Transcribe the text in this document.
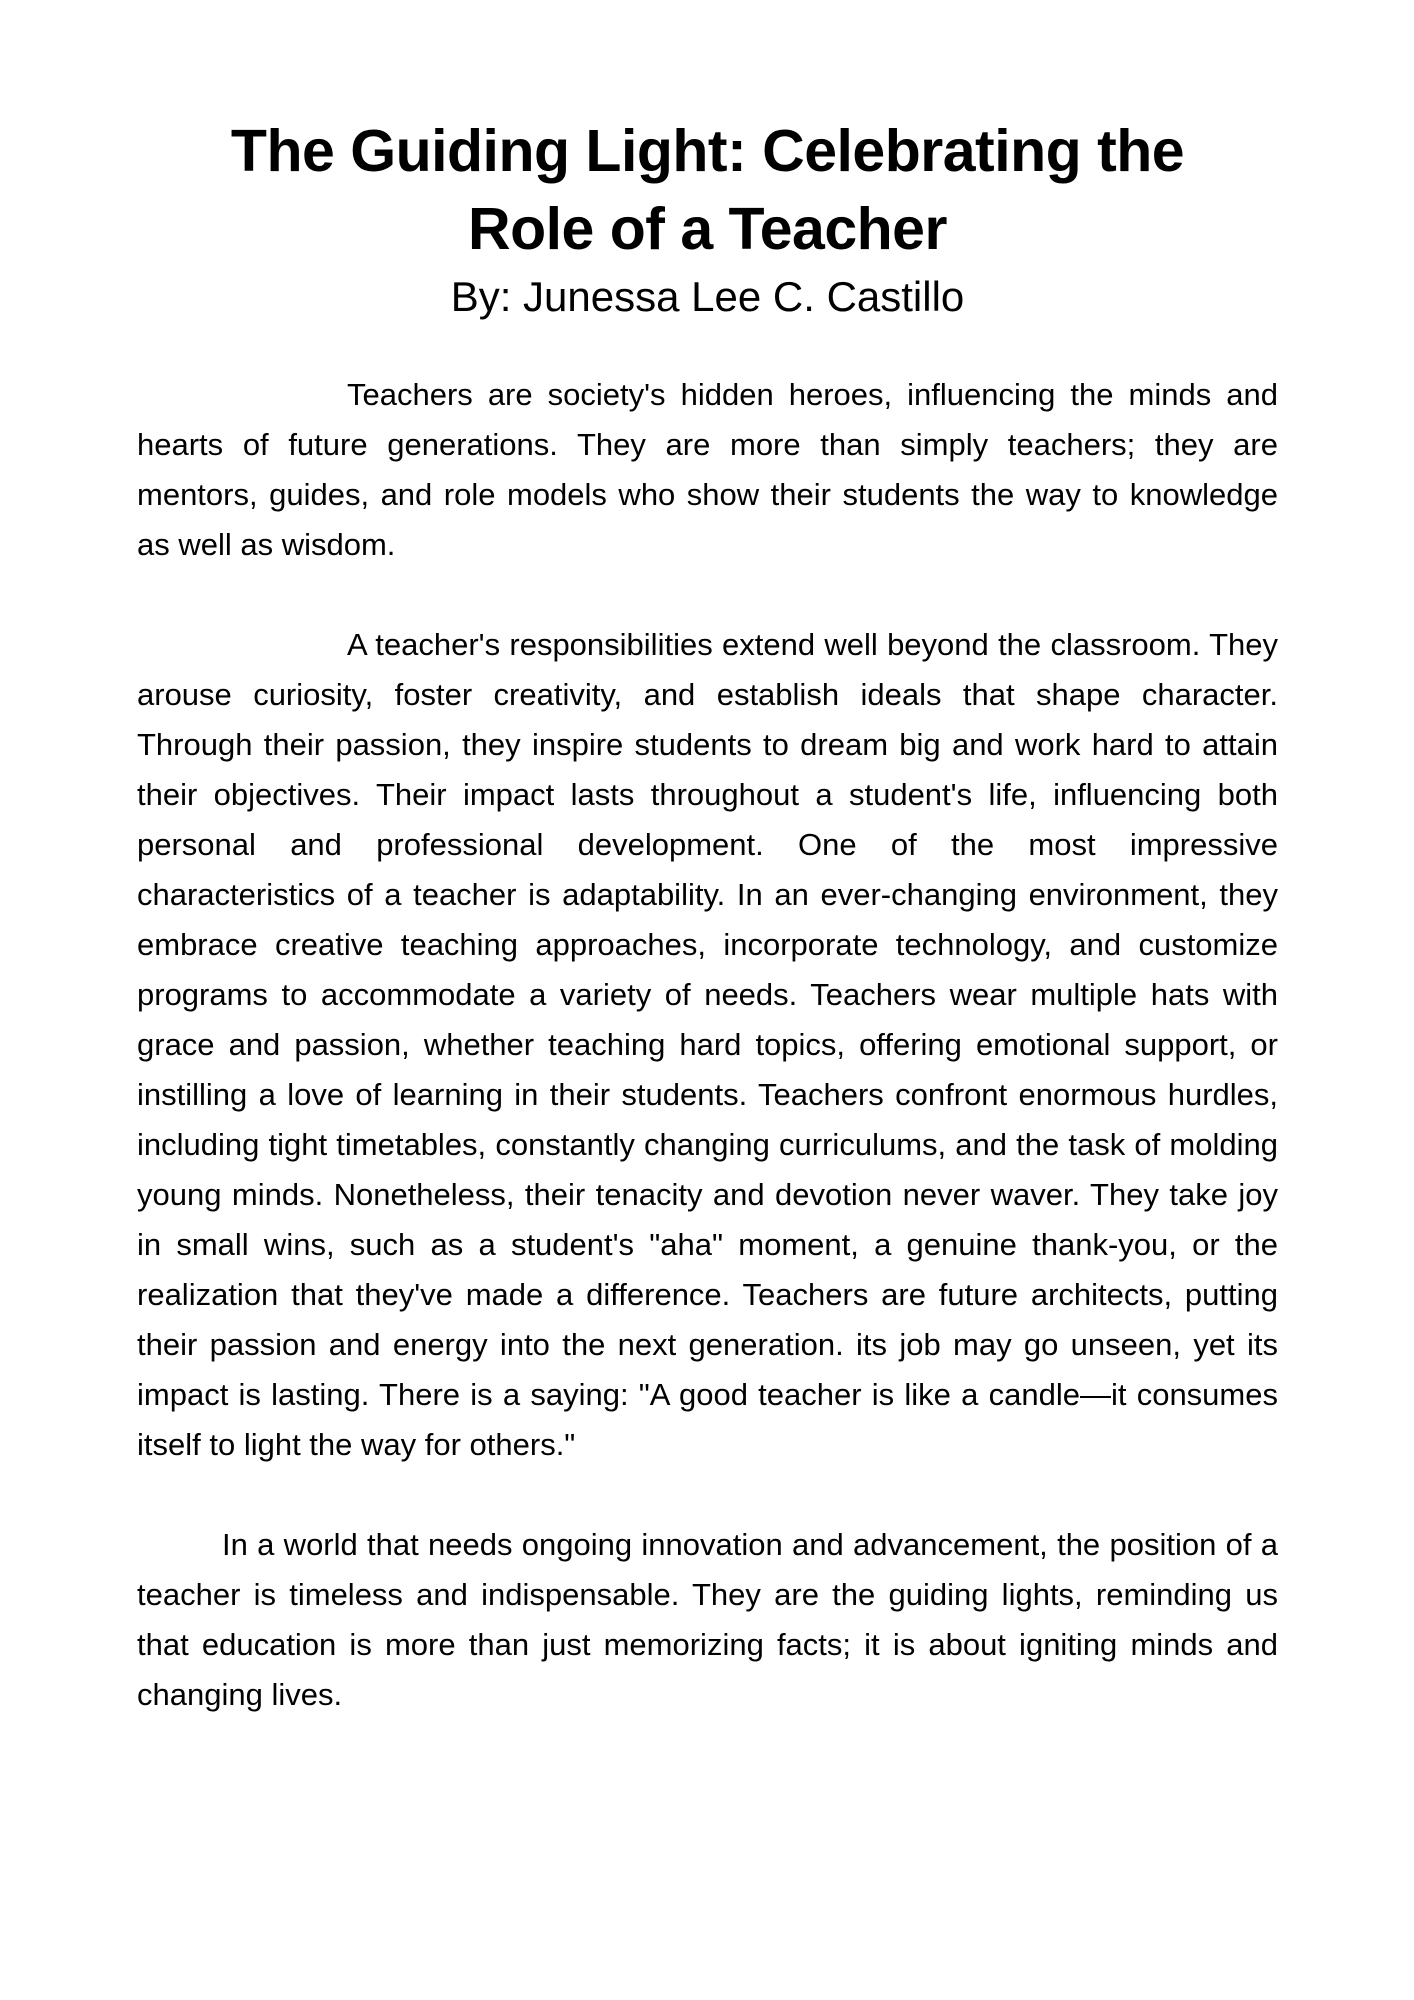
The Guiding Light: Celebrating the
Role of a Teacher
By: Junessa Lee C. Castillo

Teachers are society's hidden heroes, influencing the minds and hearts of future generations. They are more than simply teachers; they are mentors, guides, and role models who show their students the way to knowledge as well as wisdom.

A teacher's responsibilities extend well beyond the classroom. They arouse curiosity, foster creativity, and establish ideals that shape character. Through their passion, they inspire students to dream big and work hard to attain their objectives. Their impact lasts throughout a student's life, influencing both personal and professional development. One of the most impressive characteristics of a teacher is adaptability. In an ever-changing environment, they embrace creative teaching approaches, incorporate technology, and customize programs to accommodate a variety of needs. Teachers wear multiple hats with grace and passion, whether teaching hard topics, offering emotional support, or instilling a love of learning in their students. Teachers confront enormous hurdles, including tight timetables, constantly changing curriculums, and the task of molding young minds. Nonetheless, their tenacity and devotion never waver. They take joy in small wins, such as a student's "aha" moment, a genuine thank-you, or the realization that they've made a difference. Teachers are future architects, putting their passion and energy into the next generation. its job may go unseen, yet its impact is lasting. There is a saying: "A good teacher is like a candle—it consumes itself to light the way for others."

In a world that needs ongoing innovation and advancement, the position of a teacher is timeless and indispensable. They are the guiding lights, reminding us that education is more than just memorizing facts; it is about igniting minds and changing lives.
